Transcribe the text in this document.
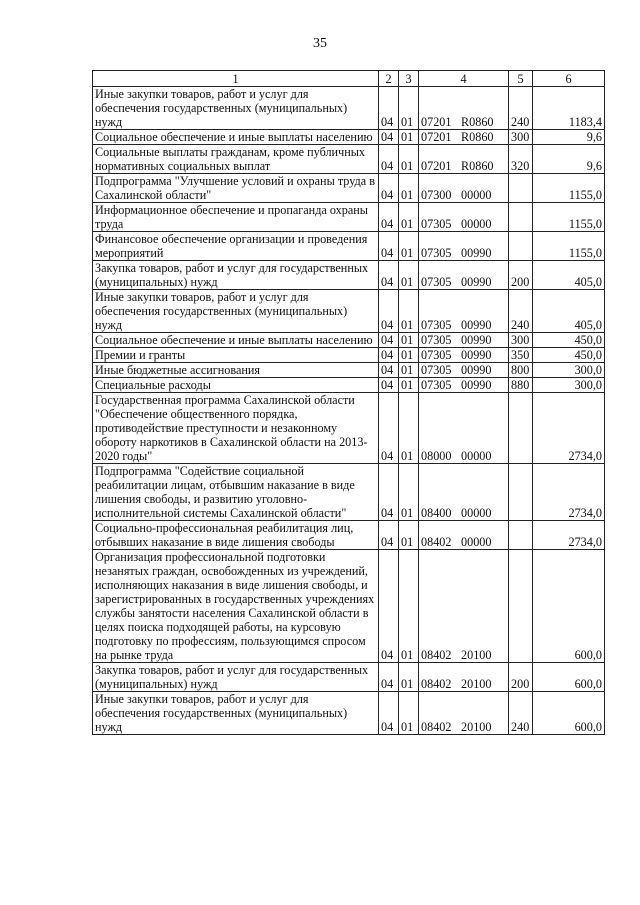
35
1	2	3	4	5	6
Иные закупки товаров, работ и услуг для обеспечения государственных (муниципальных) нужд	04	01	07201 R0860	240	1183,4
Социальное обеспечение и иные выплаты населению	04	01	07201 R0860	300	9,6
Социальные выплаты гражданам, кроме публичных нормативных социальных выплат	04	01	07201 R0860	320	9,6
Подпрограмма "Улучшение условий и охраны труда в Сахалинской области"	04	01	07300 00000		1155,0
Информационное обеспечение и пропаганда охраны труда	04	01	07305 00000		1155,0
Финансовое обеспечение организации и проведения мероприятий	04	01	07305 00990		1155,0
Закупка товаров, работ и услуг для государственных (муниципальных) нужд	04	01	07305 00990	200	405,0
Иные закупки товаров, работ и услуг для обеспечения государственных (муниципальных) нужд	04	01	07305 00990	240	405,0
Социальное обеспечение и иные выплаты населению	04	01	07305 00990	300	450,0
Премии и гранты	04	01	07305 00990	350	450,0
Иные бюджетные ассигнования	04	01	07305 00990	800	300,0
Специальные расходы	04	01	07305 00990	880	300,0
Государственная программа Сахалинской области "Обеспечение общественного порядка, противодействие преступности и незаконному обороту наркотиков в Сахалинской области на 2013-2020 годы"	04	01	08000 00000		2734,0
Подпрограмма "Содействие социальной реабилитации лицам, отбывшим наказание в виде лишения свободы, и развитию уголовно-исполнительной системы Сахалинской области"	04	01	08400 00000		2734,0
Социально-профессиональная реабилитация лиц, отбывших наказание в виде лишения свободы	04	01	08402 00000		2734,0
Организация профессиональной подготовки незанятых граждан, освобожденных из учреждений, исполняющих наказания в виде лишения свободы, и зарегистрированных в государственных учреждениях службы занятости населения Сахалинской области в целях поиска подходящей работы, на курсовую подготовку по профессиям, пользующимся спросом на рынке труда	04	01	08402 20100		600,0
Закупка товаров, работ и услуг для государственных (муниципальных) нужд	04	01	08402 20100	200	600,0
Иные закупки товаров, работ и услуг для обеспечения государственных (муниципальных) нужд	04	01	08402 20100	240	600,0
